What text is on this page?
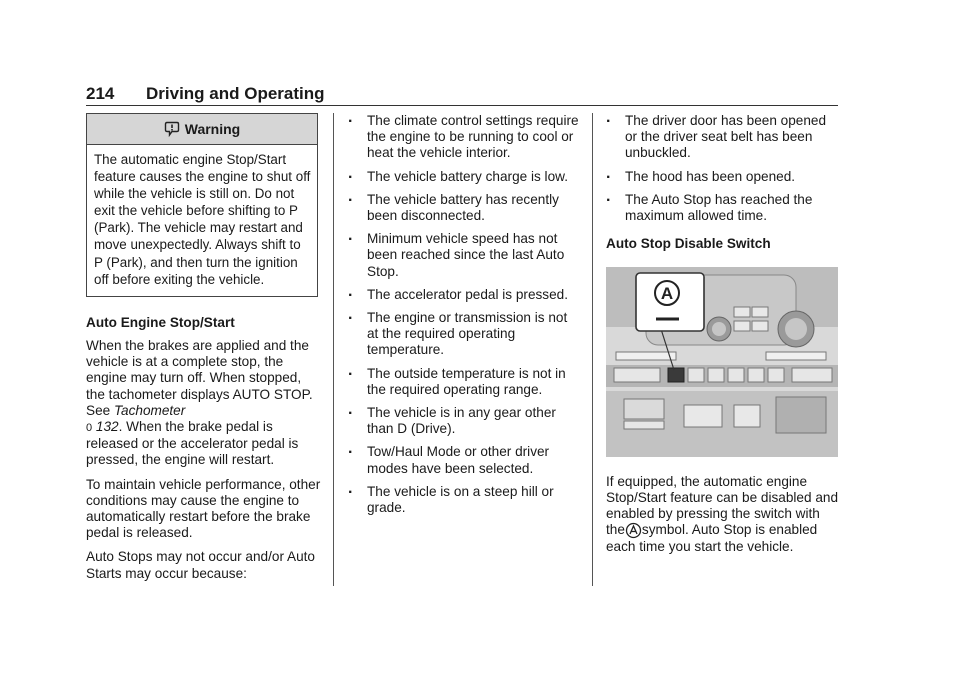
214 Driving and Operating
Warning
The automatic engine Stop/Start feature causes the engine to shut off while the vehicle is still on. Do not exit the vehicle before shifting to P (Park). The vehicle may restart and move unexpectedly. Always shift to P (Park), and then turn the ignition off before exiting the vehicle.
Auto Engine Stop/Start

When the brakes are applied and the vehicle is at a complete stop, the engine may turn off. When stopped, the tachometer displays AUTO STOP. See Tachometer
0 132. When the brake pedal is released or the accelerator pedal is pressed, the engine will restart.

To maintain vehicle performance, other conditions may cause the engine to automatically restart before the brake pedal is released.

Auto Stops may not occur and/or Auto Starts may occur because:

. The climate control settings require the engine to be running to cool or heat the vehicle interior.
. The vehicle battery charge is low.
. The vehicle battery has recently been disconnected.
. Minimum vehicle speed has not been reached since the last Auto Stop.
. The accelerator pedal is pressed.
. The engine or transmission is not at the required operating temperature.
. The outside temperature is not in the required operating range.
. The vehicle is in any gear other than D (Drive).
. Tow/Haul Mode or other driver modes have been selected.
. The vehicle is on a steep hill or grade.
. The driver door has been opened or the driver seat belt has been unbuckled.
. The hood has been opened.
. The Auto Stop has reached the maximum allowed time.
Auto Stop Disable Switch
A

If equipped, the automatic engine Stop/Start feature can be disabled and enabled by pressing the switch with the symbol. Auto Stop is enabled each time you start the vehicle.
